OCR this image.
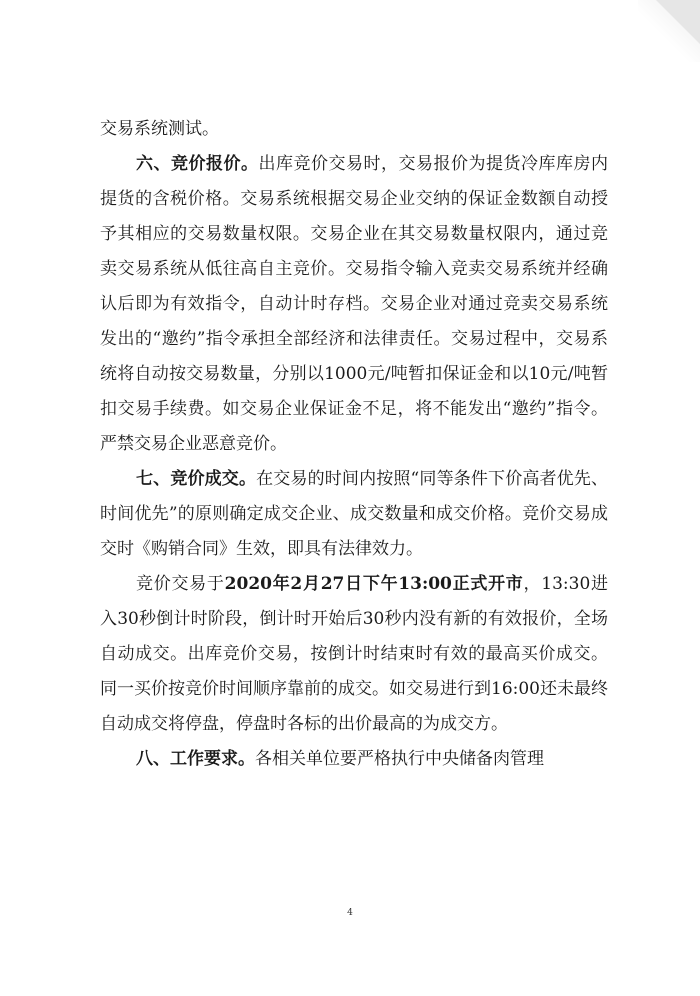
交易系统测试。

六、竞价报价。出库竞价交易时，交易报价为提货冷库库房内提货的含税价格。交易系统根据交易企业交纳的保证金数额自动授予其相应的交易数量权限。交易企业在其交易数量权限内，通过竞卖交易系统从低往高自主竞价。交易指令输入竞卖交易系统并经确认后即为有效指令，自动计时存档。交易企业对通过竞卖交易系统发出的“邀约”指令承担全部经济和法律责任。交易过程中，交易系统将自动按交易数量，分别以1000元/吨暂扣保证金和以10元/吨暂扣交易手续费。如交易企业保证金不足，将不能发出“邀约”指令。严禁交易企业恶意竞价。

七、竞价成交。在交易的时间内按照“同等条件下价高者优先、时间优先”的原则确定成交企业、成交数量和成交价格。竞价交易成交时《购销合同》生效，即具有法律效力。

竞价交易于2020年2月27日下午13:00正式开市，13:30进入30秒倒计时阶段，倒计时开始后30秒内没有新的有效报价，全场自动成交。出库竞价交易，按倒计时结束时有效的最高买价成交。同一买价按竞价时间顺序靠前的成交。如交易进行到16:00还未最终自动成交将停盘，停盘时各标的出价最高的为成交方。

八、工作要求。各相关单位要严格执行中央储备肉管理

4
